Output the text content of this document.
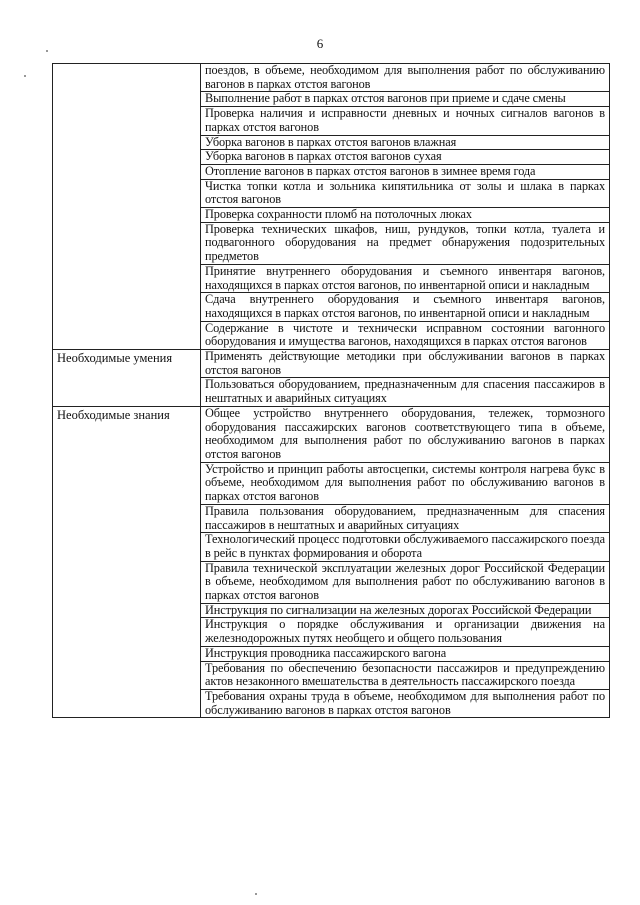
6

	поездов, в объеме, необходимом для выполнения работ по обслуживанию вагонов в парках отстоя вагонов

	Выполнение работ в парках отстоя вагонов при приеме и сдаче смены

	Проверка наличия и исправности дневных и ночных сигналов вагонов в парках отстоя вагонов

	Уборка вагонов в парках отстоя вагонов влажная

	Уборка вагонов в парках отстоя вагонов сухая

	Отопление вагонов в парках отстоя вагонов в зимнее время года

	Чистка топки котла и зольника кипятильника от золы и шлака в парках отстоя вагонов

	Проверка сохранности пломб на потолочных люках

	Проверка технических шкафов, ниш, рундуков, топки котла, туалета и подвагонного оборудования на предмет обнаружения подозрительных предметов

	Принятие внутреннего оборудования и съемного инвентаря вагонов, находящихся в парках отстоя вагонов, по инвентарной описи и накладным

	Сдача внутреннего оборудования и съемного инвентаря вагонов, находящихся в парках отстоя вагонов, по инвентарной описи и накладным

	Содержание в чистоте и технически исправном состоянии вагонного оборудования и имущества вагонов, находящихся в парках отстоя вагонов

Необходимые умения	Применять действующие методики при обслуживании вагонов в парках отстоя вагонов

	Пользоваться оборудованием, предназначенным для спасения пассажиров в нештатных и аварийных ситуациях

Необходимые знания	Общее устройство внутреннего оборудования, тележек, тормозного оборудования пассажирских вагонов соответствующего типа в объеме, необходимом для выполнения работ по обслуживанию вагонов в парках отстоя вагонов

	Устройство и принцип работы автосцепки, системы контроля нагрева букс в объеме, необходимом для выполнения работ по обслуживанию вагонов в парках отстоя вагонов

	Правила пользования оборудованием, предназначенным для спасения пассажиров в нештатных и аварийных ситуациях

	Технологический процесс подготовки обслуживаемого пассажирского поезда в рейс в пунктах формирования и оборота

	Правила технической эксплуатации железных дорог Российской Федерации в объеме, необходимом для выполнения работ по обслуживанию вагонов в парках отстоя вагонов

	Инструкция по сигнализации на железных дорогах Российской Федерации

	Инструкция о порядке обслуживания и организации движения на железнодорожных путях необщего и общего пользования

	Инструкция проводника пассажирского вагона

	Требования по обеспечению безопасности пассажиров и предупреждению актов незаконного вмешательства в деятельность пассажирского поезда

	Требования охраны труда в объеме, необходимом для выполнения работ по обслуживанию вагонов в парках отстоя вагонов
